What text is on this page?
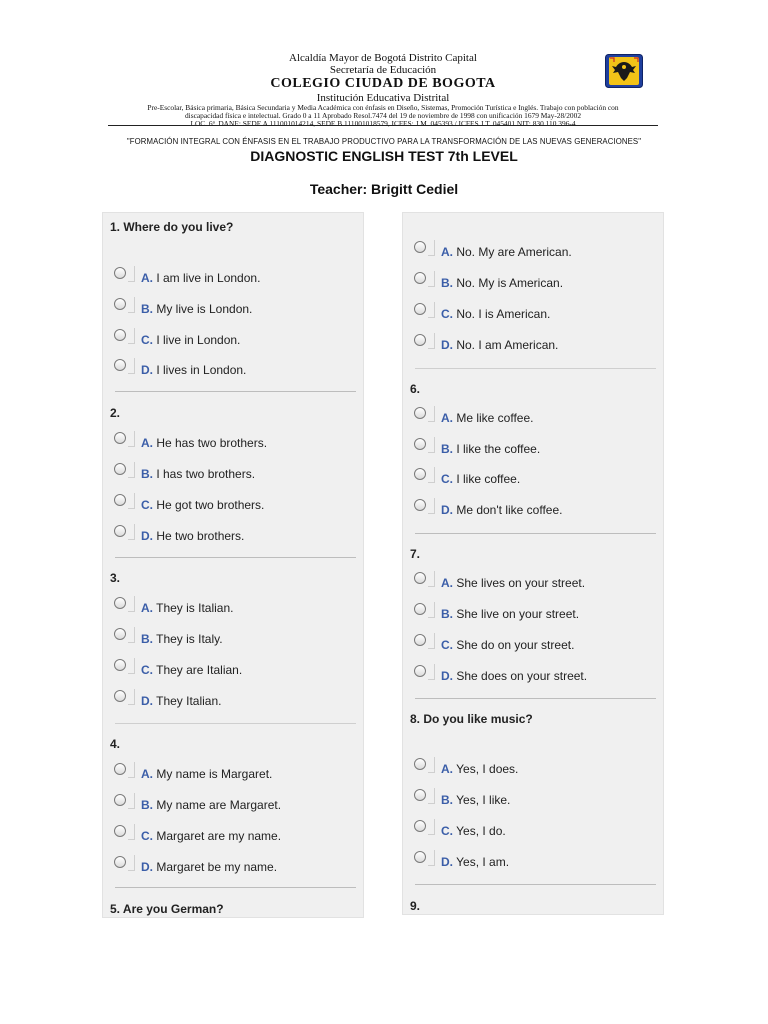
Alcaldía Mayor de Bogotá Distrito Capital
Secretaría de Educación
COLEGIO CIUDAD DE BOGOTA
Institución Educativa Distrital
Pre-Escolar, Básica primaria, Básica Secundaria y Media Académica con énfasis en Diseño, Sistemas, Promoción Turística e Inglés. Trabajo con población con
discapacidad física e intelectual. Grado 0 a 11 Aprobado Resol.7474 del 19 de noviembre de 1998 con unificación 1679 May-28/2002
LOC. 6ª. DANE: SEDE A 111001014214, SEDE B 111001018579, ICFES: J.M. 045393 / ICFES J.T. 045401 NIT: 830.110.396-4
"FORMACIÓN INTEGRAL CON ÉNFASIS EN EL TRABAJO PRODUCTIVO PARA LA TRANSFORMACIÓN DE LAS NUEVAS GENERACIONES"
DIAGNOSTIC ENGLISH TEST 7th LEVEL
Teacher: Brigitt Cediel
1. Where do you live?
A. I am live in London.
B. My live is London.
C. I live in London.
D. I lives in London.
2.
A. He has two brothers.
B. I has two brothers.
C. He got two brothers.
D. He two brothers.
3.
A. They is Italian.
B. They is Italy.
C. They are Italian.
D. They Italian.
4.
A. My name is Margaret.
B. My name are Margaret.
C. Margaret are my name.
D. Margaret be my name.
5. Are you German?
A. No. My are American.
B. No. My is American.
C. No. I is American.
D. No. I am American.
6.
A. Me like coffee.
B. I like the coffee.
C. I like coffee.
D. Me don't like coffee.
7.
A. She lives on your street.
B. She live on your street.
C. She do on your street.
D. She does on your street.
8. Do you like music?
A. Yes, I does.
B. Yes, I like.
C. Yes, I do.
D. Yes, I am.
9.
